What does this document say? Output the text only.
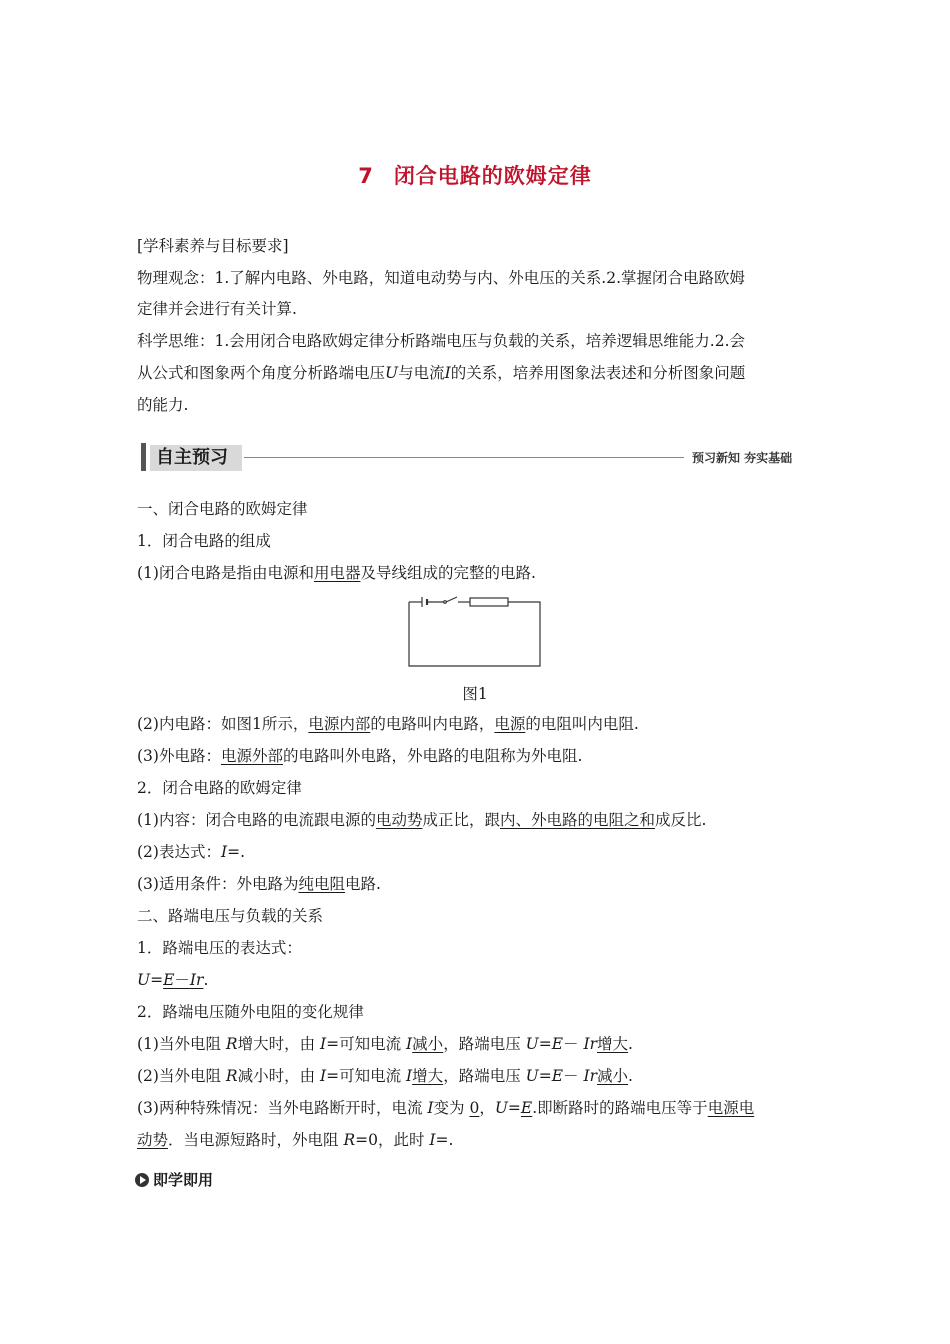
7 闭合电路的欧姆定律
[学科素养与目标要求]
物理观念：1.了解内电路、外电路，知道电动势与内、外电压的关系.2.掌握闭合电路欧姆
定律并会进行有关计算.
科学思维：1.会用闭合电路欧姆定律分析路端电压与负载的关系，培养逻辑思维能力.2.会
从公式和图象两个角度分析路端电压U与电流I的关系，培养用图象法表述和分析图象问题
的能力.
自主预习	预习新知 夯实基础
一、闭合电路的欧姆定律
1．闭合电路的组成
(1)闭合电路是指由电源和用电器及导线组成的完整的电路.
图1
(2)内电路：如图1所示，电源内部的电路叫内电路，电源的电阻叫内电阻.
(3)外电路：电源外部的电路叫外电路，外电路的电阻称为外电阻.
2．闭合电路的欧姆定律
(1)内容：闭合电路的电流跟电源的电动势成正比，跟内、外电路的电阻之和成反比.
(2)表达式：I=.
(3)适用条件：外电路为纯电阻电路.
二、路端电压与负载的关系
1．路端电压的表达式：
U=E－Ir.
2．路端电压随外电阻的变化规律
(1)当外电阻 R增大时，由 I=可知电流 I减小，路端电压 U=E－ Ir增大.
(2)当外电阻 R减小时，由 I=可知电流 I增大，路端电压 U=E－ Ir减小.
(3)两种特殊情况：当外电路断开时，电流 I变为 0，U=E.即断路时的路端电压等于电源电
动势．当电源短路时，外电阻 R=0，此时 I=.
即学即用
